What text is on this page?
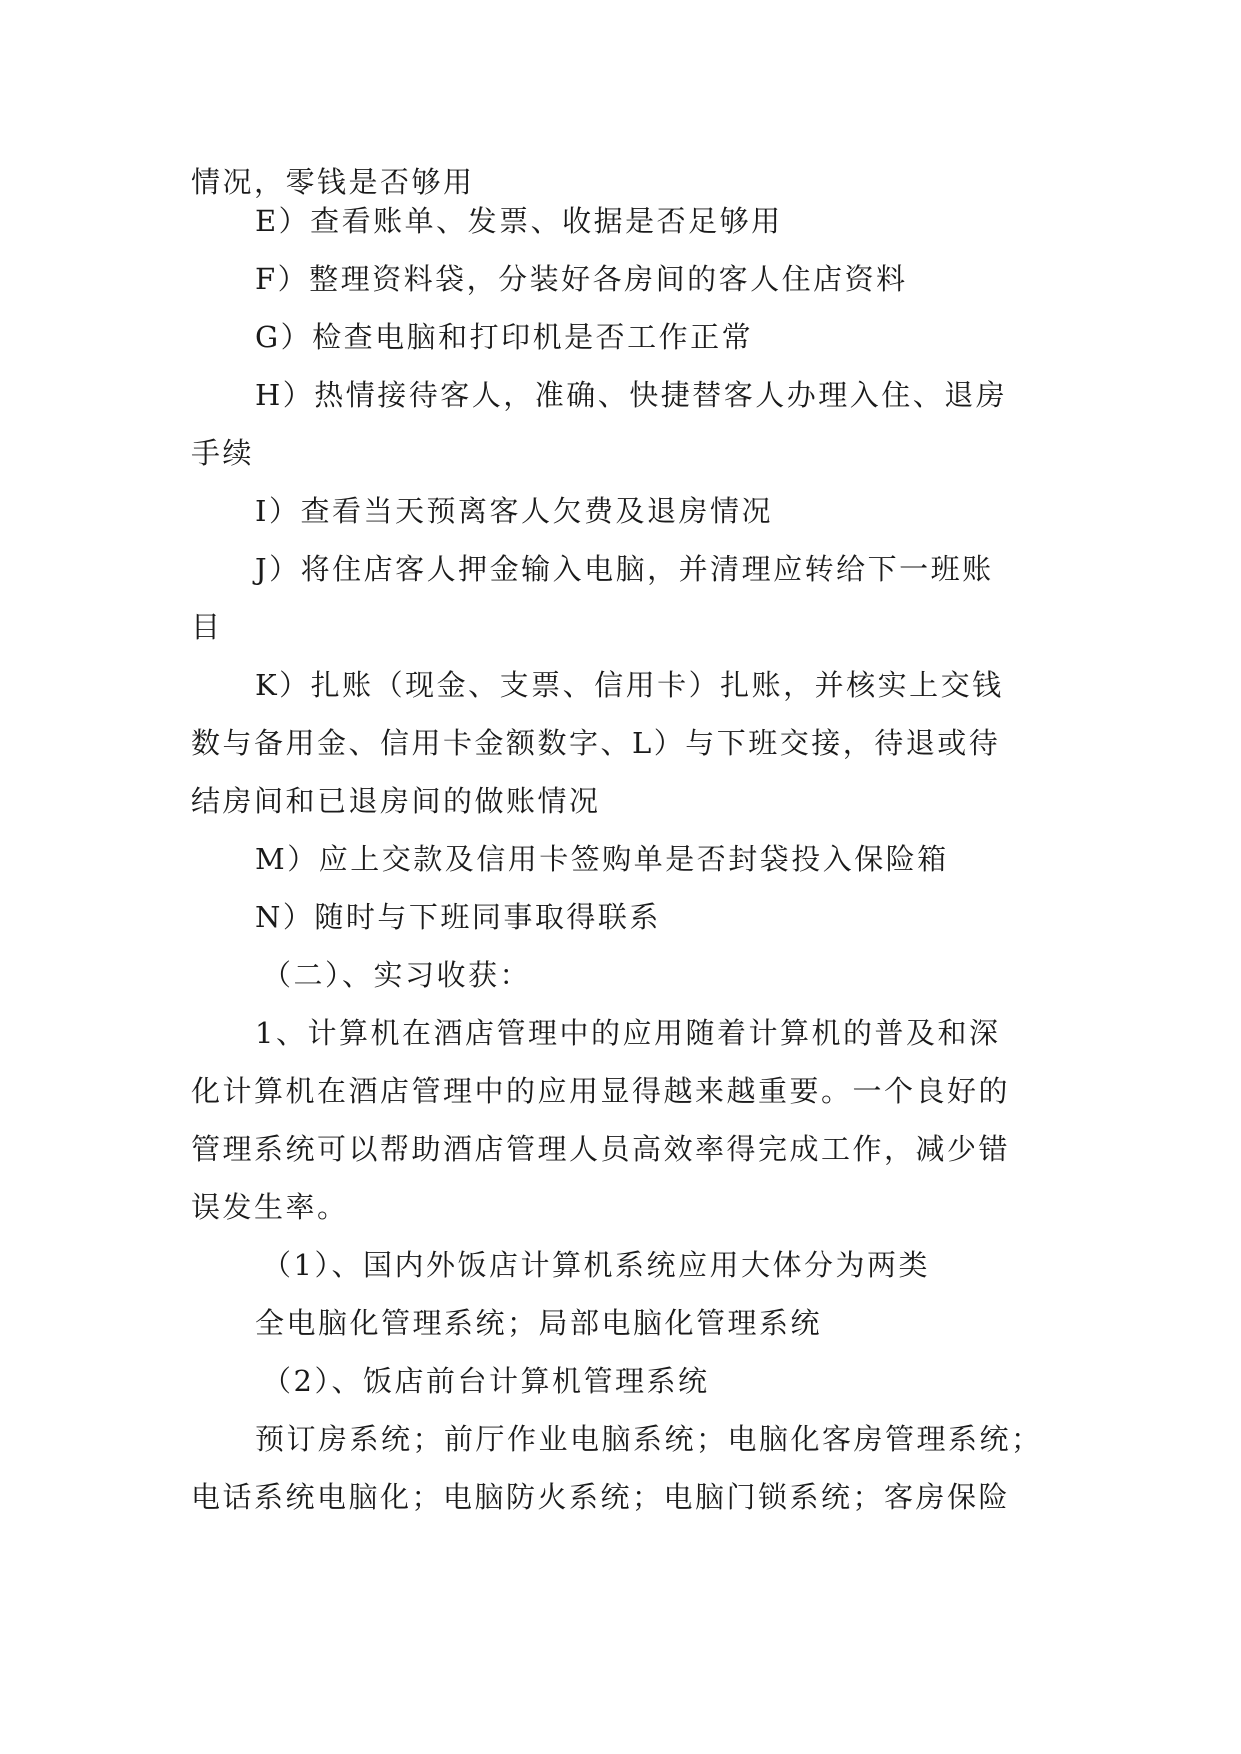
情况，零钱是否够用
E）查看账单、发票、收据是否足够用
F）整理资料袋，分装好各房间的客人住店资料
G）检查电脑和打印机是否工作正常
H）热情接待客人，准确、快捷替客人办理入住、退房
手续
I）查看当天预离客人欠费及退房情况
J）将住店客人押金输入电脑，并清理应转给下一班账
目
K）扎账（现金、支票、信用卡）扎账，并核实上交钱
数与备用金、信用卡金额数字、L）与下班交接，待退或待
结房间和已退房间的做账情况
M）应上交款及信用卡签购单是否封袋投入保险箱
N）随时与下班同事取得联系
（二）、实习收获：
1、计算机在酒店管理中的应用随着计算机的普及和深
化计算机在酒店管理中的应用显得越来越重要。一个良好的
管理系统可以帮助酒店管理人员高效率得完成工作，减少错
误发生率。
（1）、国内外饭店计算机系统应用大体分为两类
全电脑化管理系统；局部电脑化管理系统
（2）、饭店前台计算机管理系统
预订房系统；前厅作业电脑系统；电脑化客房管理系统；
电话系统电脑化；电脑防火系统；电脑门锁系统；客房保险
